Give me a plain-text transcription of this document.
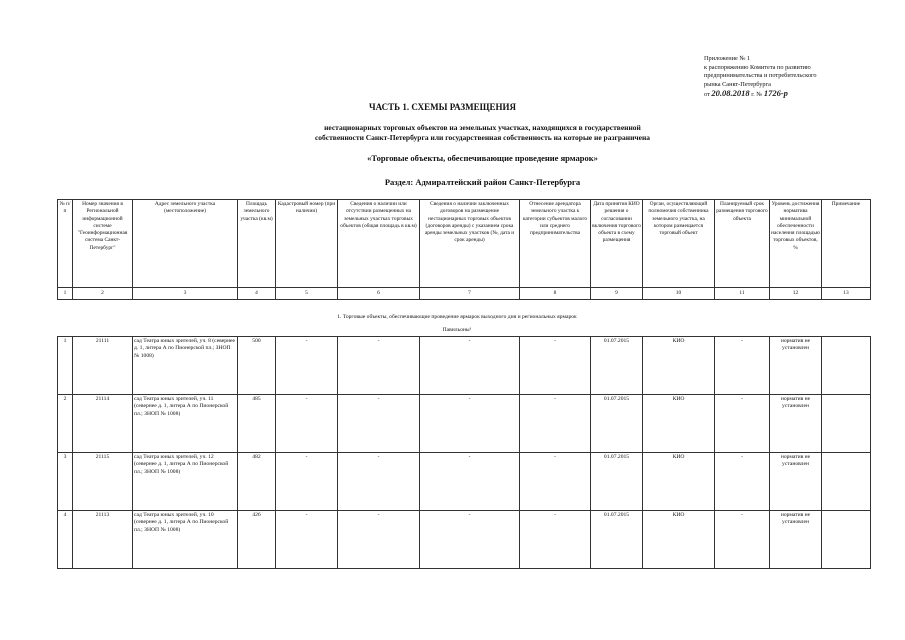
Приложение № 1
к распоряжению Комитета по развитию
предпринимательства и потребительского
рынка Санкт-Петербурга
от 20.08.2018 г. № 1726-р
ЧАСТЬ 1. СХЕМЫ РАЗМЕЩЕНИЯ
нестационарных торговых объектов на земельных участках, находящихся в государственной
собственности Санкт-Петербурга или государственная собственность на которые не разграничена
«Торговые объекты, обеспечивающие проведение ярмарок»
Раздел: Адмиралтейский район Санкт-Петербурга
№ п/п	Номер значения в Региональной информационной системе "Геоинформационная система Санкт-Петербург"	Адрес земельного участка (местоположение)	Площадь земельного участка (кв.м)	Кадастровый номер (при наличии)	Сведения о наличии или отсутствии размещенных на земельных участках торговых объектов (общая площадь в кв.м)	Сведения о наличии заключенных договоров на размещение нестационарных торговых объектов (договоров аренды) с указанием срока аренды земельных участков (№, дата и срок аренды)	Отнесение арендатора земельного участка к категории субъектов малого или среднего предпринимательства	Дата принятия КИО решения о согласовании включения торгового объекта в схему размещения	Орган, осуществляющий полномочия собственника земельного участка, на котором размещается торговый объект	Планируемый срок размещения торгового объекта	Уровень достижения норматива минимальной обеспеченности населения площадью торговых объектов, %	Примечание
1	2	3	4	5	6	7	8	9	10	11	12	13
1. Торговые объекты, обеспечивающие проведение ярмарок выходного дня и региональных ярмарок
Павильоны¹
1	21111	сад Театра юных зрителей, уч. 8 (севернее д. 1, литера А по Пионерской пл.; ЗНОП № 1008)	500	-	-	-	-	01.07.2015	КИО	-	норматив не установлен	
2	21114	сад Театра юных зрителей, уч. 11 (севернее д. 1, литера А по Пионерской пл.; ЗНОП № 1008)	485	-	-	-	-	01.07.2015	КИО	-	норматив не установлен	
3	21115	сад Театра юных зрителей, уч. 12 (севернее д. 1, литера А по Пионерской пл.; ЗНОП № 1008)	482	-	-	-	-	01.07.2015	КИО	-	норматив не установлен	
4	21113	сад Театра юных зрителей, уч. 10 (севернее д. 1, литера А по Пионерской пл.; ЗНОП № 1008)	426	-	-	-	-	01.07.2015	КИО	-	норматив не установлен	
